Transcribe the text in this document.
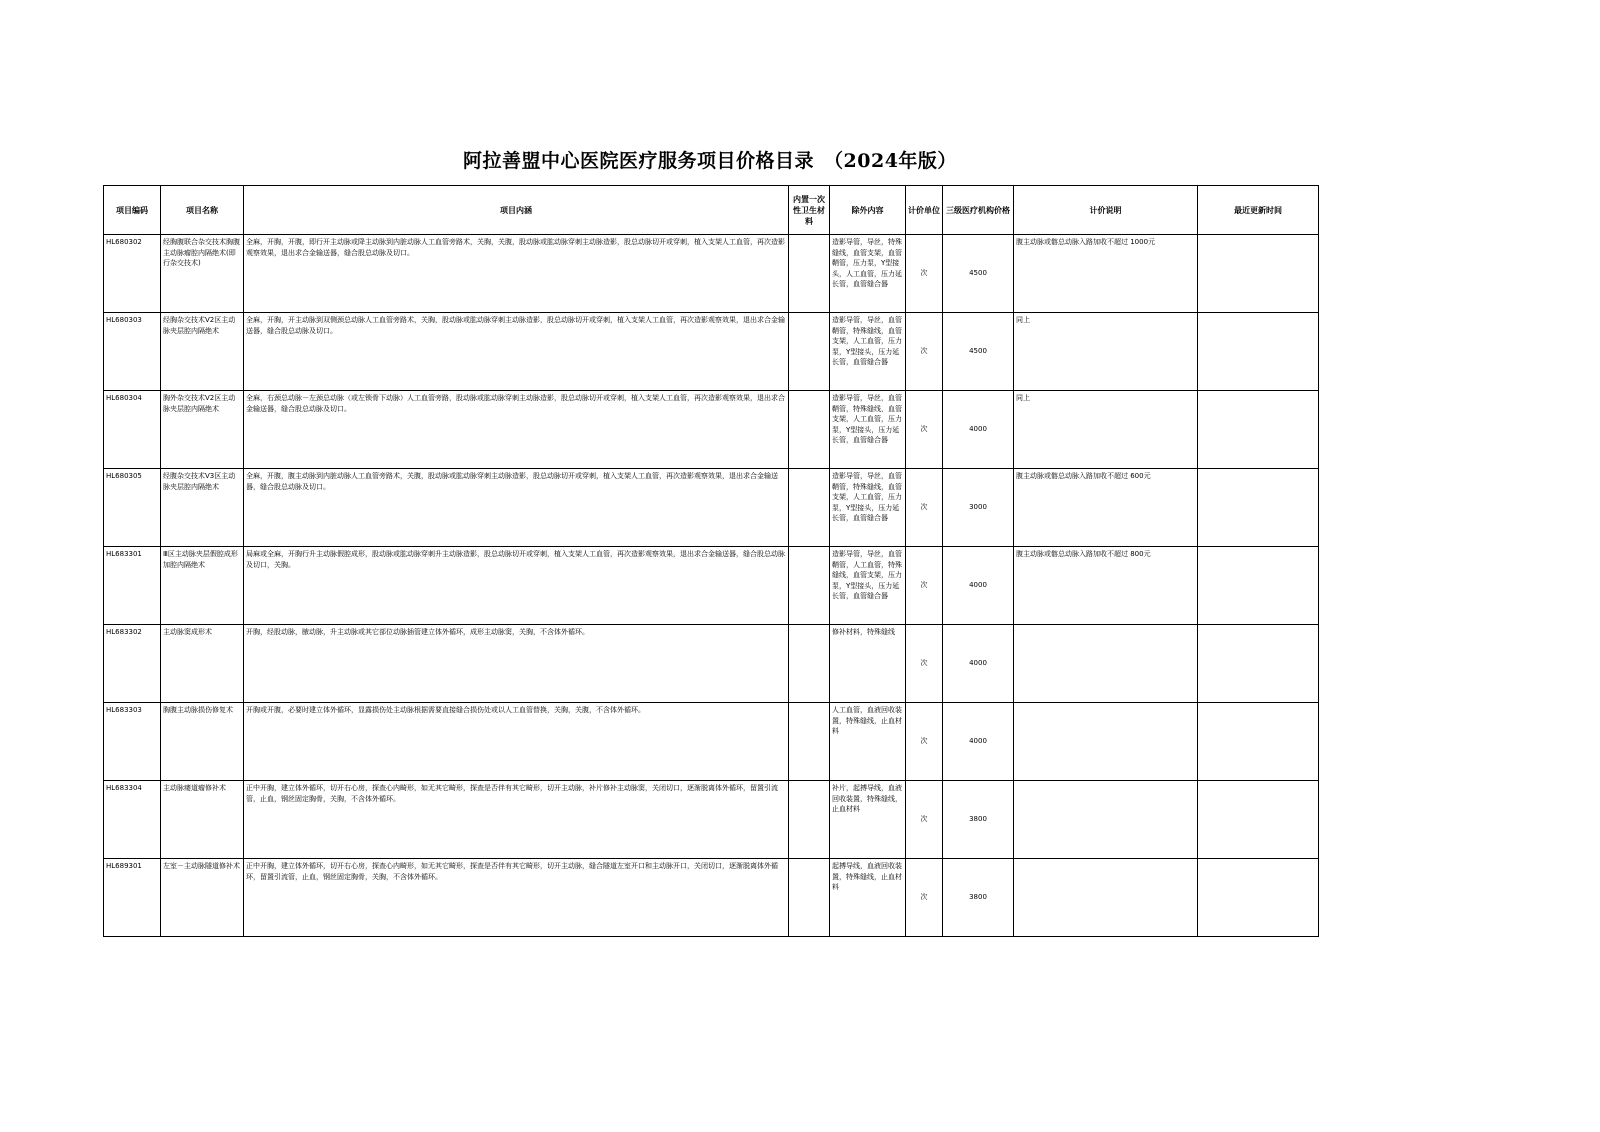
阿拉善盟中心医院医疗服务项目价格目录　（2024年版）
项目编码	项目名称	项目内涵	内置一次性卫生材料	除外内容	计价单位	三级医疗机构价格	计价说明	最近更新时间
HL680302	经胸腹联合杂交技术胸腹主动脉瘤腔内隔绝术(即行杂交技术)	全麻，开胸，开腹，即行开主动脉或降主动脉到内脏动脉人工血管旁路术，关胸，关腹，股动脉或肱动脉穿刺主动脉造影，股总动脉切开或穿刺，植入支架人工血管，再次造影观察效果，退出求合金输送器，缝合股总动脉及切口。		造影导管，导丝，特殊缝线，血管支架，血管鞘管，压力泵，Y型接头，人工血管，压力延长管，血管缝合器	次	4500	腹主动脉或髂总动脉入路加收不超过 1000元	
HL680303	经胸杂交技术V2区主动脉夹层腔内隔绝术	全麻，开胸，开主动脉到双侧颈总动脉人工血管旁路术，关胸，股动脉或肱动脉穿刺主动脉造影，股总动脉切开或穿刺，植入支架人工血管，再次造影观察效果，退出求合金输送器，缝合股总动脉及切口。		造影导管，导丝，血管鞘管，特殊缝线，血管支架，人工血管，压力泵，Y型接头，压力延长管，血管缝合器	次	4500	同上	
HL680304	胸外杂交技术V2区主动脉夹层腔内隔绝术	全麻，右颈总动脉－左颈总动脉（或左锁骨下动脉）人工血管旁路，股动脉或肱动脉穿刺主动脉造影，股总动脉切开或穿刺，植入支架人工血管，再次造影观察效果，退出求合金输送器，缝合股总动脉及切口。		造影导管，导丝，血管鞘管，特殊缝线，血管支架，人工血管，压力泵，Y型接头，压力延长管，血管缝合器	次	4000	同上	
HL680305	经腹杂交技术V3区主动脉夹层腔内隔绝术	全麻，开腹，腹主动脉到内脏动脉人工血管旁路术，关腹，股动脉或肱动脉穿刺主动脉造影，股总动脉切开或穿刺，植入支架人工血管，再次造影观察效果，退出求合金输送器，缝合股总动脉及切口。		造影导管，导丝，血管鞘管，特殊缝线，血管支架，人工血管，压力泵，Y型接头，压力延长管，血管缝合器	次	3000	腹主动脉或髂总动脉入路加收不超过 600元	
HL683301	Ⅲ区主动脉夹层假腔成形加腔内隔绝术	局麻或全麻，开胸行升主动脉假腔成形，股动脉或肱动脉穿刺升主动脉造影，股总动脉切开或穿刺，植入支架人工血管，再次造影观察效果，退出求合金输送器，缝合股总动脉及切口，关胸。		造影导管，导丝，血管鞘管，人工血管，特殊缝线，血管支架，压力泵，Y型接头，压力延长管，血管缝合器	次	4000	腹主动脉或髂总动脉入路加收不超过 800元	
HL683302	主动脉窦成形术	开胸，经股动脉，腋动脉，升主动脉或其它部位动脉插管建立体外循环，成形主动脉窦，关胸，不含体外循环。		修补材料，特殊缝线	次	4000		
HL683303	胸腹主动脉损伤修复术	开胸或开腹，必要时建立体外循环，显露损伤处主动脉根据需要直接缝合损伤处或以人工血管替换，关胸，关腹，不含体外循环。		人工血管，血液回收装置，特殊缝线，止血材料	次	4000		
HL683304	主动脉瘘道瘤修补术	正中开胸，建立体外循环，切开右心房，探查心内畸形，如无其它畸形，探查是否伴有其它畸形，切开主动脉，补片修补主动脉窦，关闭切口，逐渐脱离体外循环，留置引流管，止血，钢丝固定胸骨，关胸，不含体外循环。		补片，起搏导线，血液回收装置，特殊缝线，止血材料	次	3800		
HL689301	左室－主动脉隧道修补术	正中开胸，建立体外循环，切开右心房，探查心内畸形，如无其它畸形，探查是否伴有其它畸形，切开主动脉，缝合隧道左室开口和主动脉开口，关闭切口，逐渐脱离体外循环，留置引流管，止血，钢丝固定胸骨，关胸，不含体外循环。		起搏导线，血液回收装置，特殊缝线，止血材料	次	3800		
